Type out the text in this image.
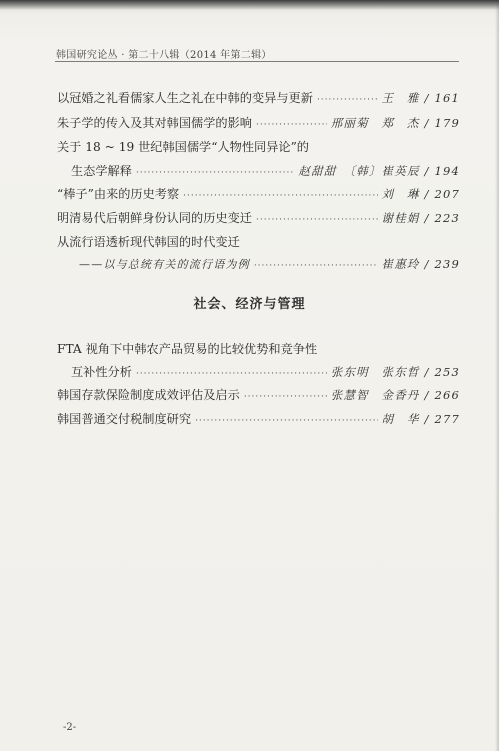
韩国研究论丛 · 第二十八辑（2014 年第二辑）
以冠婚之礼看儒家人生之礼在中韩的变异与更新 ·····	王　雅 / 161
朱子学的传入及其对韩国儒学的影响 ·····	邢丽菊　郑　杰 / 179
关于 18 ~ 19 世纪韩国儒学“人物性同异论”的
生态学解释 ·····	赵甜甜　〔韩〕崔英辰 / 194
“棒子”由来的历史考察 ·····	刘　琳 / 207
明清易代后朝鲜身份认同的历史变迁 ·····	谢桂娟 / 223
从流行语透析现代韩国的时代变迁
——以与总统有关的流行语为例 ·····	崔惠玲 / 239
社会、经济与管理
FTA 视角下中韩农产品贸易的比较优势和竞争性
互补性分析 ·····	张东明　张东哲 / 253
韩国存款保险制度成效评估及启示 ·····	张慧智　金香丹 / 266
韩国普通交付税制度研究 ·····	胡　华 / 277
-2-
